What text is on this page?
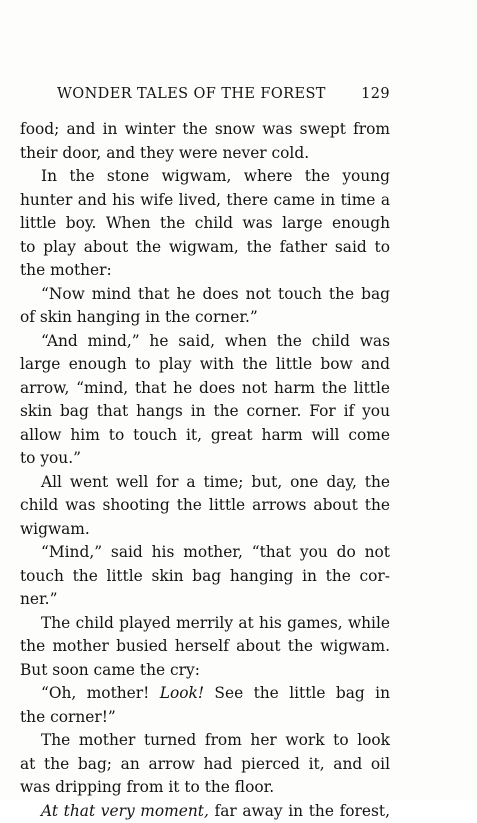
WONDER TALES OF THE FOREST 129
food; and in winter the snow was swept from
their door, and they were never cold.
In the stone wigwam, where the young
hunter and his wife lived, there came in time a
little boy. When the child was large enough
to play about the wigwam, the father said to
the mother:
“Now mind that he does not touch the bag
of skin hanging in the corner.”
“And mind,” he said, when the child was
large enough to play with the little bow and
arrow, “mind, that he does not harm the little
skin bag that hangs in the corner. For if you
allow him to touch it, great harm will come
to you.”
All went well for a time; but, one day, the
child was shooting the little arrows about the
wigwam.
“Mind,” said his mother, “that you do not
touch the little skin bag hanging in the cor-
ner.”
The child played merrily at his games, while
the mother busied herself about the wigwam.
But soon came the cry:
“Oh, mother! Look! See the little bag in
the corner!”
The mother turned from her work to look
at the bag; an arrow had pierced it, and oil
was dripping from it to the floor.
At that very moment, far away in the forest,
